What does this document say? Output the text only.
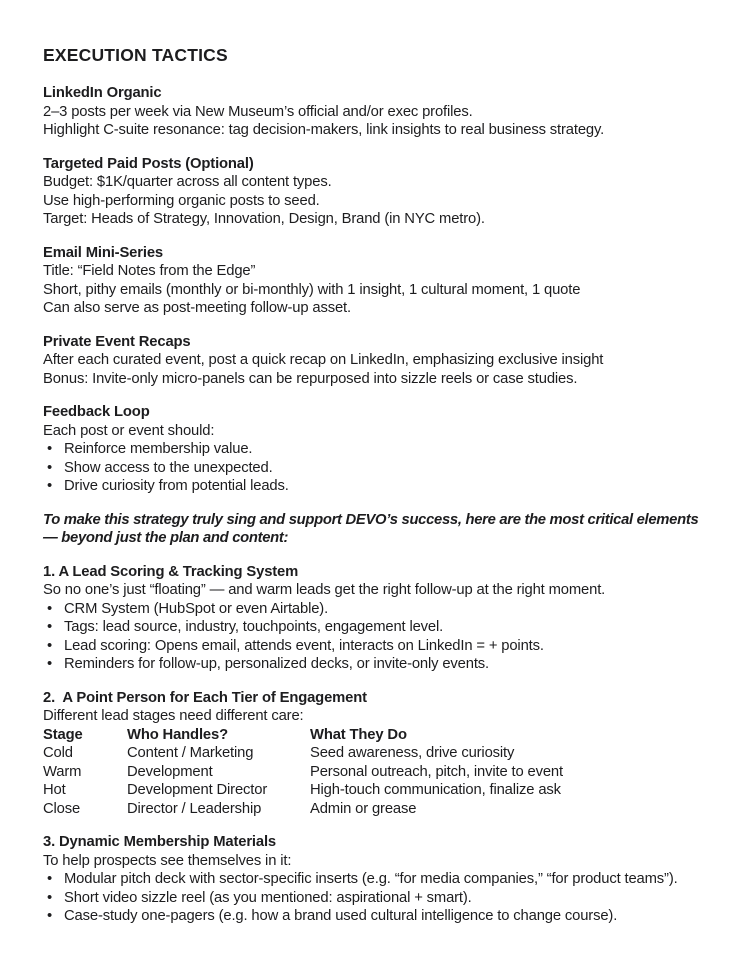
EXECUTION TACTICS

LinkedIn Organic

2–3 posts per week via New Museum’s official and/or exec profiles.

Highlight C-suite resonance: tag decision-makers, link insights to real business strategy.

Targeted Paid Posts (Optional)

Budget: $1K/quarter across all content types.

Use high-performing organic posts to seed.

Target: Heads of Strategy, Innovation, Design, Brand (in NYC metro).

Email Mini-Series

Title: “Field Notes from the Edge”

Short, pithy emails (monthly or bi-monthly) with 1 insight, 1 cultural moment, 1 quote

Can also serve as post-meeting follow-up asset.

Private Event Recaps

After each curated event, post a quick recap on LinkedIn, emphasizing exclusive insight

Bonus: Invite-only micro-panels can be repurposed into sizzle reels or case studies.

Feedback Loop

Each post or event should:

• Reinforce membership value.
• Show access to the unexpected.
• Drive curiosity from potential leads.

To make this strategy truly sing and support DEVO’s success, here are the most critical elements

— beyond just the plan and content:

1. A Lead Scoring & Tracking System

So no one’s just “floating” — and warm leads get the right follow-up at the right moment.

• CRM System (HubSpot or even Airtable).
• Tags: lead source, industry, touchpoints, engagement level.
• Lead scoring: Opens email, attends event, interacts on LinkedIn = + points.
• Reminders for follow-up, personalized decks, or invite-only events.

2.  A Point Person for Each Tier of Engagement

Different lead stages need different care:

Stage	Who Handles?	What They Do
Cold	Content / Marketing	Seed awareness, drive curiosity
Warm	Development	Personal outreach, pitch, invite to event
Hot	Development Director	High-touch communication, finalize ask
Close	Director / Leadership	Admin or grease

3. Dynamic Membership Materials

To help prospects see themselves in it:

• Modular pitch deck with sector-specific inserts (e.g. “for media companies,” “for product teams”).
• Short video sizzle reel (as you mentioned: aspirational + smart).
• Case-study one-pagers (e.g. how a brand used cultural intelligence to change course).
